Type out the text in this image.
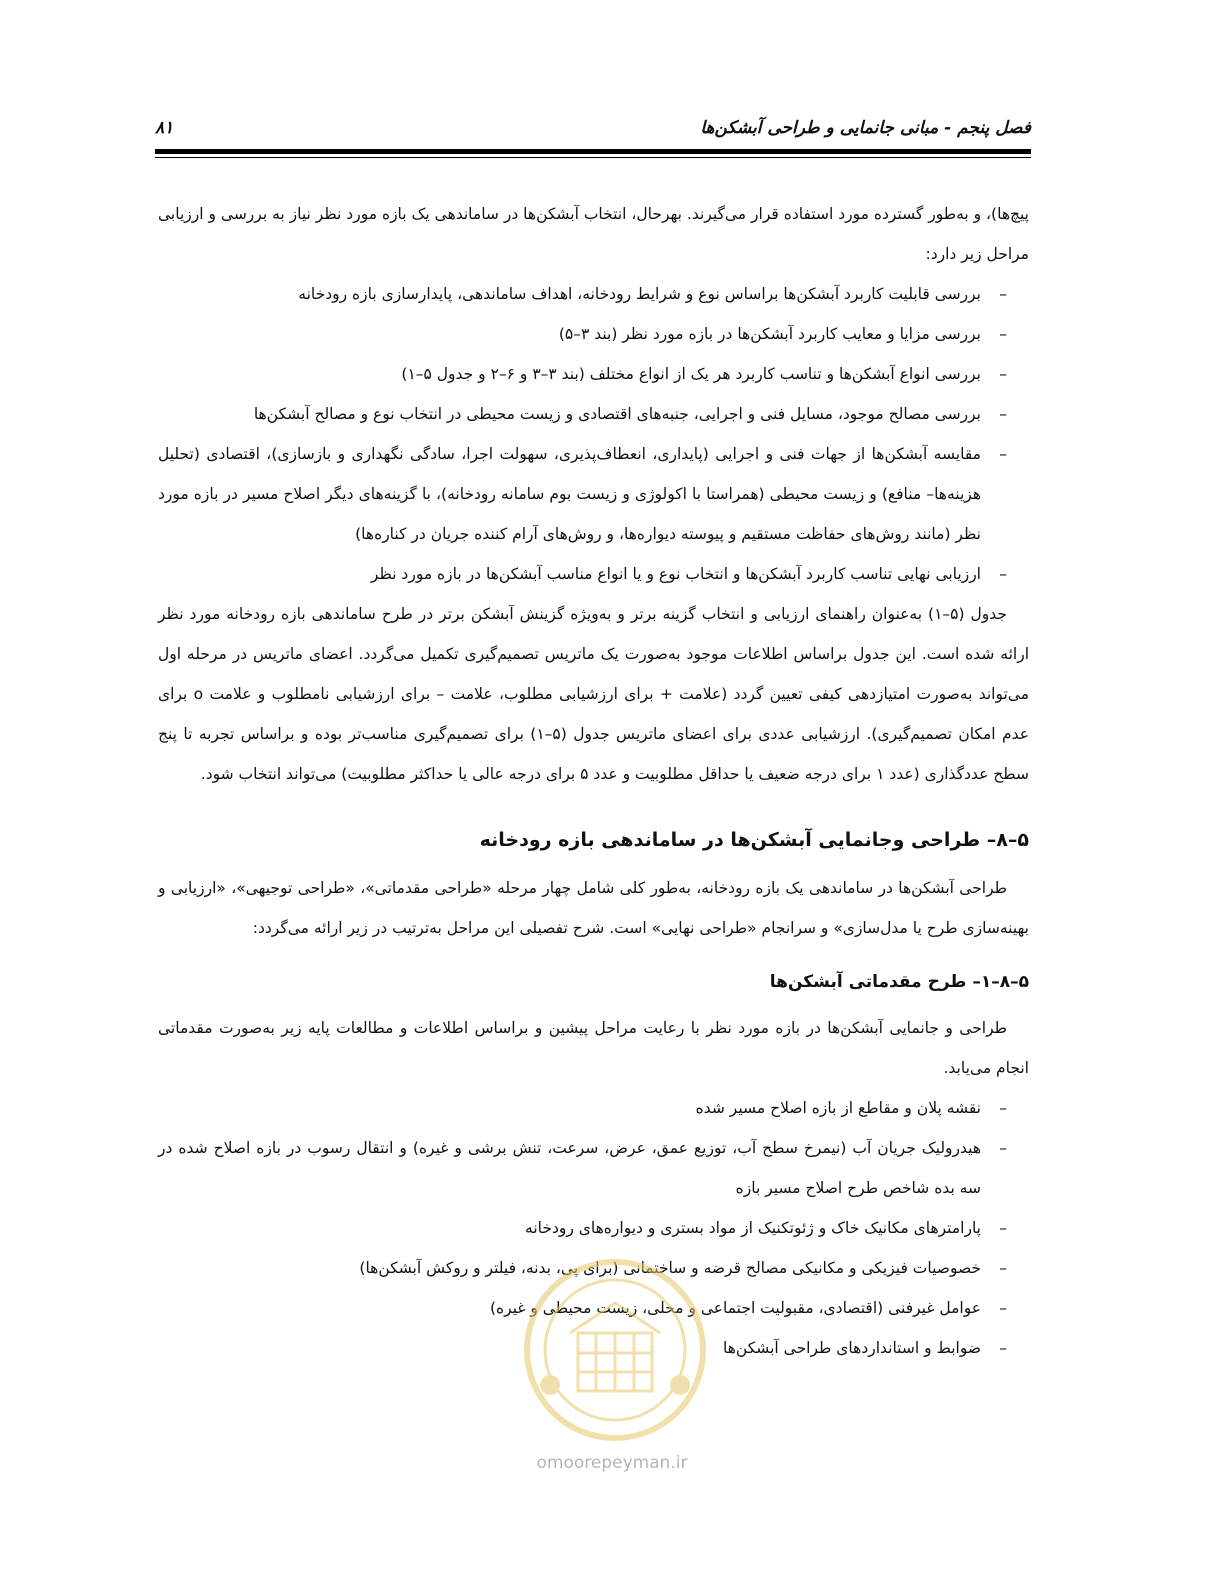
فصل پنجم - مبانی جانمایی و طراحی آبشکن‌ها
۸۱

پیچ‌ها)، و به‌طور گسترده مورد استفاده قرار می‌گیرند. بهرحال، انتخاب آبشکن‌ها در ساماندهی یک بازه مورد نظر نیاز به بررسی و ارزیابی مراحل زیر دارد:

–
بررسی قابلیت کاربرد آبشکن‌ها براساس نوع و شرایط رودخانه، اهداف ساماندهی، پایدارسازی بازه رودخانه
–
بررسی مزایا و معایب کاربرد آبشکن‌ها در بازه مورد نظر (بند ۳–۵)
–
بررسی انواع آبشکن‌ها و تناسب کاربرد هر یک از انواع مختلف (بند ۳–۳ و ۶–۲ و جدول ۵–۱)
–
بررسی مصالح موجود، مسایل فنی و اجرایی، جنبه‌های اقتصادی و زیست محیطی در انتخاب نوع و مصالح آبشکن‌ها
–
مقایسه آبشکن‌ها از جهات فنی و اجرایی (پایداری، انعطاف‌پذیری، سهولت اجرا، سادگی نگهداری و بازسازی)، اقتصادی (تحلیل هزینه‌ها– منافع) و زیست محیطی (همراستا با اکولوژی و زیست بوم سامانه رودخانه)، با گزینه‌های دیگر اصلاح مسیر در بازه مورد نظر (مانند روش‌های حفاظت مستقیم و پیوسته دیواره‌ها، و روش‌های آرام کننده جریان در کناره‌ها)
–
ارزیابی نهایی تناسب کاربرد آبشکن‌ها و انتخاب نوع و یا انواع مناسب آبشکن‌ها در بازه مورد نظر

جدول (۵–۱) به‌عنوان راهنمای ارزیابی و انتخاب گزینه برتر و به‌ویژه گزینش آبشکن برتر در طرح ساماندهی بازه رودخانه مورد نظر ارائه شده است. این جدول براساس اطلاعات موجود به‌صورت یک ماتریس تصمیم‌گیری تکمیل می‌گردد. اعضای ماتریس در مرحله اول می‌تواند به‌صورت امتیازدهی کیفی تعیین گردد (علامت + برای ارزشیابی مطلوب، علامت – برای ارزشیابی نامطلوب و علامت o برای عدم امکان تصمیم‌گیری). ارزشیابی عددی برای اعضای ماتریس جدول (۵–۱) برای تصمیم‌گیری مناسب‌تر بوده و براساس تجربه تا پنج سطح عددگذاری (عدد ۱ برای درجه ضعیف یا حداقل مطلوبیت و عدد ۵ برای درجه عالی یا حداکثر مطلوبیت) می‌تواند انتخاب شود.

۵–۸– طراحی وجانمایی آبشکن‌ها در ساماندهی بازه رودخانه

طراحی آبشکن‌ها در ساماندهی یک بازه رودخانه، به‌طور کلی شامل چهار مرحله «طراحی مقدماتی»، «طراحی توجیهی»، «ارزیابی و بهینه‌سازی طرح یا مدل‌سازی» و سرانجام «طراحی نهایی» است. شرح تفصیلی این مراحل به‌ترتیب در زیر ارائه می‌گردد:

۵–۸–۱– طرح مقدماتی آبشکن‌ها

طراحی و جانمایی آبشکن‌ها در بازه مورد نظر با رعایت مراحل پیشین و براساس اطلاعات و مطالعات پایه زیر به‌صورت مقدماتی انجام می‌یابد.

–
نقشه پلان و مقاطع از بازه اصلاح مسیر شده
–
هیدرولیک جریان آب (نیمرخ سطح آب، توزیع عمق، عرض، سرعت، تنش برشی و غیره) و انتقال رسوب در بازه اصلاح شده در سه بده شاخص طرح اصلاح مسیر بازه
–
پارامترهای مکانیک خاک و ژئوتکنیک از مواد بستری و دیواره‌های رودخانه
–
خصوصیات فیزیکی و مکانیکی مصالح قرضه و ساختمانی (برای پی، بدنه، فیلتر و روکش آبشکن‌ها)
–
عوامل غیرفنی (اقتصادی، مقبولیت اجتماعی و محلی، زیست محیطی و غیره)
–
ضوابط و استانداردهای طراحی آبشکن‌ها
omoorepeyman.ir
